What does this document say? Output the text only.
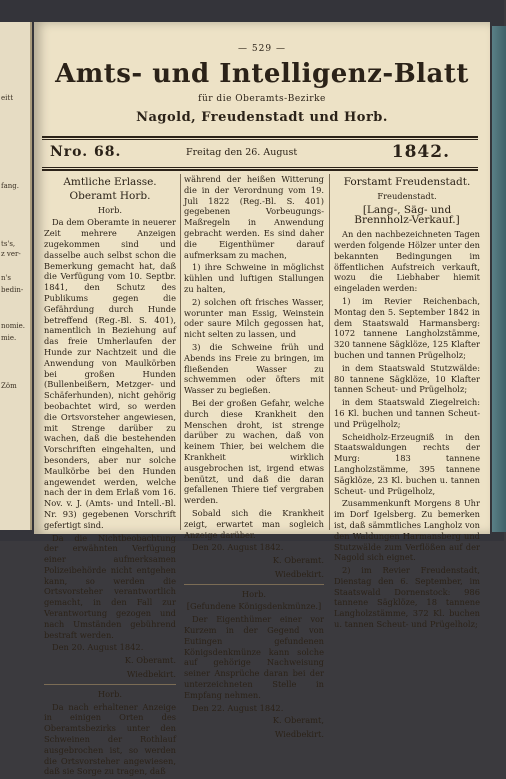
eitt
fang.
ts's,
z ver-
n's
bedin-
nomie.
mie.
Zöm
— 529 —
Amts- und Intelligenz-Blatt
für die Oberamts-Bezirke
Nagold, Freudenstadt und Horb.
Nro. 68.	Freitag den 26. August	1842.

Amtliche Erlasse.

Oberamt Horb.

Horb.

Da dem Oberamte in neuerer Zeit mehrere Anzeigen zugekommen sind und dasselbe auch selbst schon die Bemerkung gemacht hat, daß die Verfügung vom 10. Septbr. 1841, den Schutz des Publikums gegen die Gefährdung durch Hunde betreffend (Reg.-Bl. S. 401), namentlich in Beziehung auf das freie Umherlaufen der Hunde zur Nachtzeit und die Anwendung von Maulkörben bei großen Hunden (Bullenbeißern, Metzger- und Schäferhunden), nicht gehörig beobachtet wird, so werden die Ortsvorsteher angewiesen, mit Strenge darüber zu wachen, daß die bestehenden Vorschriften eingehalten, und besonders, aber nur solche Maulkörbe bei den Hunden angewendet werden, welche nach der in dem Erlaß vom 16. Nov. v. J. (Amts- und Intell.-Bl. Nr. 93) gegebenen Vorschrift gefertigt sind.

Da die Nichtbeobachtung der erwähnten Verfügung einer aufmerksamen Polizeibehörde nicht entgehen kann, so werden die Ortsvorsteher verantwortlich gemacht, in den Fall zur Verantwortung gezogen und nach Umständen gebührend bestraft werden.

Den 20. August 1842.

K. Oberamt.

Wiedbekirt.

Horb.

Da nach erhaltener Anzeige in einigen Orten des Oberamtsbezirks unter den Schweinen der Rothlauf ausgebrochen ist, so werden die Ortsvorsteher angewiesen, daß sie Sorge zu tragen, daß

während der heißen Witterung die in der Verordnung vom 19. Juli 1822 (Reg.-Bl. S. 401) gegebenen Vorbeugungs-Maßregeln in Anwendung gebracht werden. Es sind daher die Eigenthümer darauf aufmerksam zu machen,

1) ihre Schweine in möglichst kühlen und luftigen Stallungen zu halten,

2) solchen oft frisches Wasser, worunter man Essig, Weinstein oder saure Milch gegossen hat, nicht selten zu lassen, und

3) die Schweine früh und Abends ins Freie zu bringen, im fließenden Wasser zu schwemmen oder öfters mit Wasser zu begießen.

Bei der großen Gefahr, welche durch diese Krankheit den Menschen droht, ist strenge darüber zu wachen, daß von keinem Thier, bei welchem die Krankheit wirklich ausgebrochen ist, irgend etwas benützt, und daß die daran gefallenen Thiere tief vergraben werden.

Sobald sich die Krankheit zeigt, erwartet man sogleich Anzeige darüber.

Den 20. August 1842.

K. Oberamt.

Wiedbekirt.

Horb.

[Gefundene Königsdenkmünze.]

Der Eigenthümer einer vor Kurzem in der Gegend von Eutingen gefundenen Königsdenkmünze kann solche auf gehörige Nachweisung seiner Ansprüche daran bei der unterzeichneten Stelle in Empfang nehmen.

Den 22. August 1842.

K. Oberamt,

Wiedbekirt.

Forstamt Freudenstadt.

Freudenstadt.

[Lang-, Säg- und Brennholz-Verkauf.]

An den nachbezeichneten Tagen werden folgende Hölzer unter den bekannten Bedingungen im öffentlichen Aufstreich verkauft, wozu die Liebhaber hiemit eingeladen werden:

1) im Revier Reichenbach, Montag den 5. September 1842 in dem Staatswald Harmansberg: 1072 tannene Langholzstämme, 320 tannene Sägklöze, 125 Klafter buchen und tannen Prügelholz;

in dem Staatswald Stutzwälde: 80 tannene Sägklöze, 10 Klafter tannen Scheut- und Prügelholz;

in dem Staatswald Ziegelreich: 16 Kl. buchen und tannen Scheut- und Prügelholz;

Scheidholz-Erzeugniß in den Staatswaldungen rechts der Murg: 183 tannene Langholzstämme, 395 tannene Sägklöze, 23 Kl. buchen u. tannen Scheut- und Prügelholz,

Zusammenkunft Morgens 8 Uhr im Dorf Igelsberg. Zu bemerken ist, daß sämmtliches Langholz von den Waldungen Harmansberg und Stutzwälde zum Verflößen auf der Nagold sich eignet.

2) im Revier Freudenstadt, Dienstag den 6. September, im Staatswald Dornenstock: 986 tannene Sägklöze, 18 tannene Langholzstämme, 372 Kl. buchen u. tannen Scheut- und Prügelholz;
